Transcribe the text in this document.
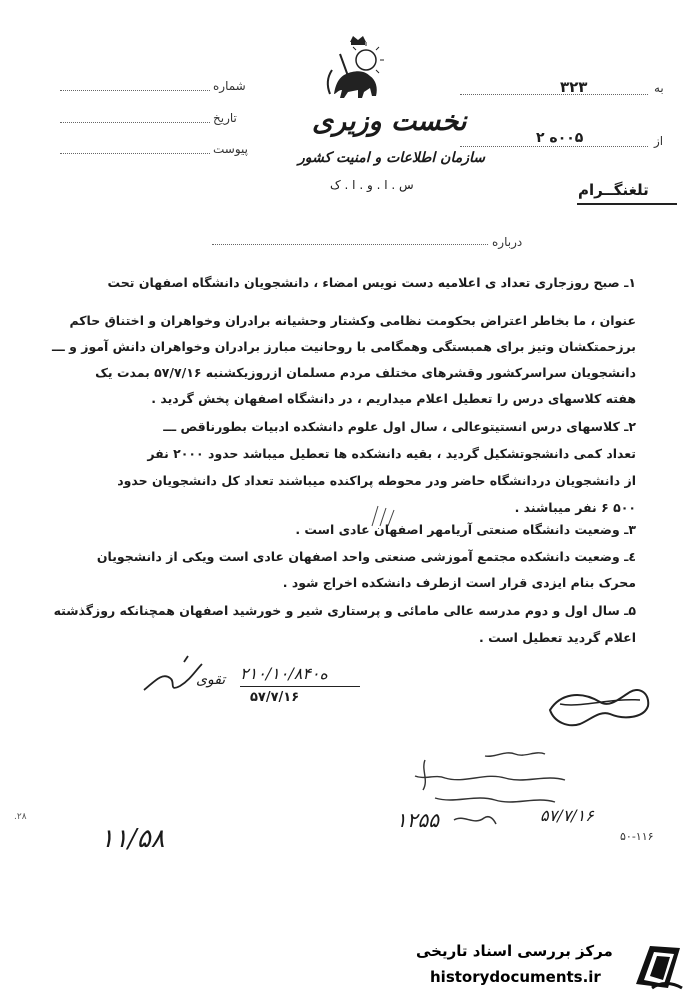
به
۳۲۳
از
۰۰۵ه ۲
تلغنگــرام
شماره
تاریخ
پیوست
نخست وزیری
سازمان اطلاعات و امنیت کشور
س . ا . و . ا . ک
درباره
۱ـ صبح روزجاری تعداد ی اعلامیه دست نویس امضاء ، دانشجویان دانشگاه اصفهان تحت
عنوان ، ما بخاطر اعتراض بحکومت نظامی وکشتار وحشیانه برادران وخواهران و اختناق حاکم
برزحمتکشان وتیز برای همبستگی وهمگامی با روحانیت مبارز برادران وخواهران دانش آموز و ـــ
دانشجویان سراسرکشور وقشرهای مختلف مردم مسلمان ازروزیکشنبه ۵۷/۷/۱۶ بمدت یک
هفته کلاسهای درس را تعطیل اعلام میداریم ، در دانشگاه اصفهان پخش گردید .
۲ـ کلاسهای درس انستیتوعالی ، سال اول علوم دانشکده ادبیات بطورناقص ـــ
تعداد کمی دانشجوتشکیل گردید ، بقیه دانشکده ها تعطیل میباشد حدود ۲۰۰۰ نفر
از دانشجویان دردانشگاه حاضر ودر محوطه پراکنده میباشند تعداد کل دانشجویان حدود
۵۰۰ ۶ نفر میباشند .
۳ـ وضعیت دانشگاه صنعتی آریامهر اصفهان عادی است .
٤ـ وضعیت دانشکده مجتمع آموزشی صنعتی واحد اصفهان عادی است ویکی از دانشجویان
محرک بنام ایزدی قرار است ازطرف دانشکده اخراج شود .
۵ـ سال اول و دوم مدرسه عالی مامائی و پرستاری شیر و خورشید اصفهان همچنانکه روزگذشته
اعلام گردید تعطیل است .
تقوی ۲ه۱۰/۱۰/۸۴۰
۵۷/۷/۱۶
۱۲۵۵	۵۷/۷/۱۶
۵۰-۱۱۶
۱۱/۵۸
.۲۸
مرکز بررسی اسناد تاریخی
historydocuments.ir
